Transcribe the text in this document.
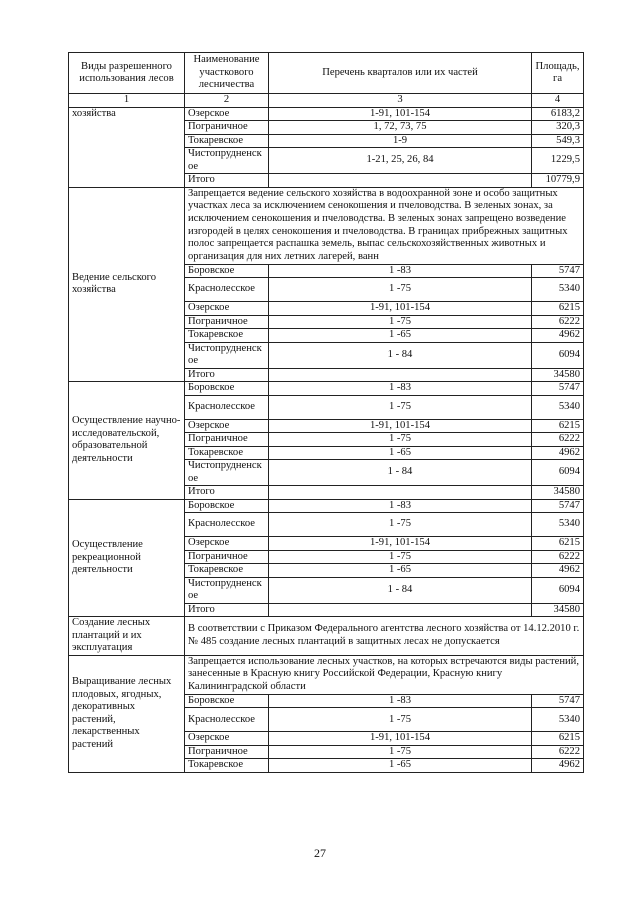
Виды разрешенного использования лесов	Наименование участкового лесничества	Перечень кварталов или их частей	Площадь, га
1	2	3	4
хозяйства	Озерское	1-91, 101-154	6183,2
	Пограничное	1, 72, 73, 75	320,3
	Токаревское	1-9	549,3
	Чистопрудненское	1-21, 25, 26, 84	1229,5
	Итого		10779,9
Ведение сельского хозяйства	Запрещается ведение сельского хозяйства в водоохранной зоне и особо защитных участках леса за исключением сенокошения и пчеловодства. В зеленых зонах, за исключением сенокошения и пчеловодства. В зеленых зонах запрещено возведение изгородей в целях сенокошения и пчеловодства. В границах прибрежных защитных полос запрещается распашка земель, выпас сельскохозяйственных животных и организация для них летних лагерей, ванн		
	Боровское	1 -83	5747
	Краснолесское	1 -75	5340
	Озерское	1-91, 101-154	6215
	Пограничное	1 -75	6222
	Токаревское	1 -65	4962
	Чистопрудненское	1 - 84	6094
	Итого		34580
Осуществление научно-исследовательской, образовательной деятельности	Боровское	1 -83	5747
	Краснолесское	1 -75	5340
	Озерское	1-91, 101-154	6215
	Пограничное	1 -75	6222
	Токаревское	1 -65	4962
	Чистопрудненское	1 - 84	6094
	Итого		34580
Осуществление рекреационной деятельности	Боровское	1 -83	5747
	Краснолесское	1 -75	5340
	Озерское	1-91, 101-154	6215
	Пограничное	1 -75	6222
	Токаревское	1 -65	4962
	Чистопрудненское	1 - 84	6094
	Итого		34580
Создание лесных плантаций и их эксплуатация	В соответствии с Приказом Федерального агентства лесного хозяйства от 14.12.2010 г. № 485 создание лесных плантаций в защитных лесах не допускается		
Выращивание лесных плодовых, ягодных, декоративных растений, лекарственных растений	Запрещается использование лесных участков, на которых встречаются виды растений, занесенные в Красную книгу Российской Федерации, Красную книгу Калининградской области		
	Боровское	1 -83	5747
	Краснолесское	1 -75	5340
	Озерское	1-91, 101-154	6215
	Пограничное	1 -75	6222
	Токаревское	1 -65	4962
27
